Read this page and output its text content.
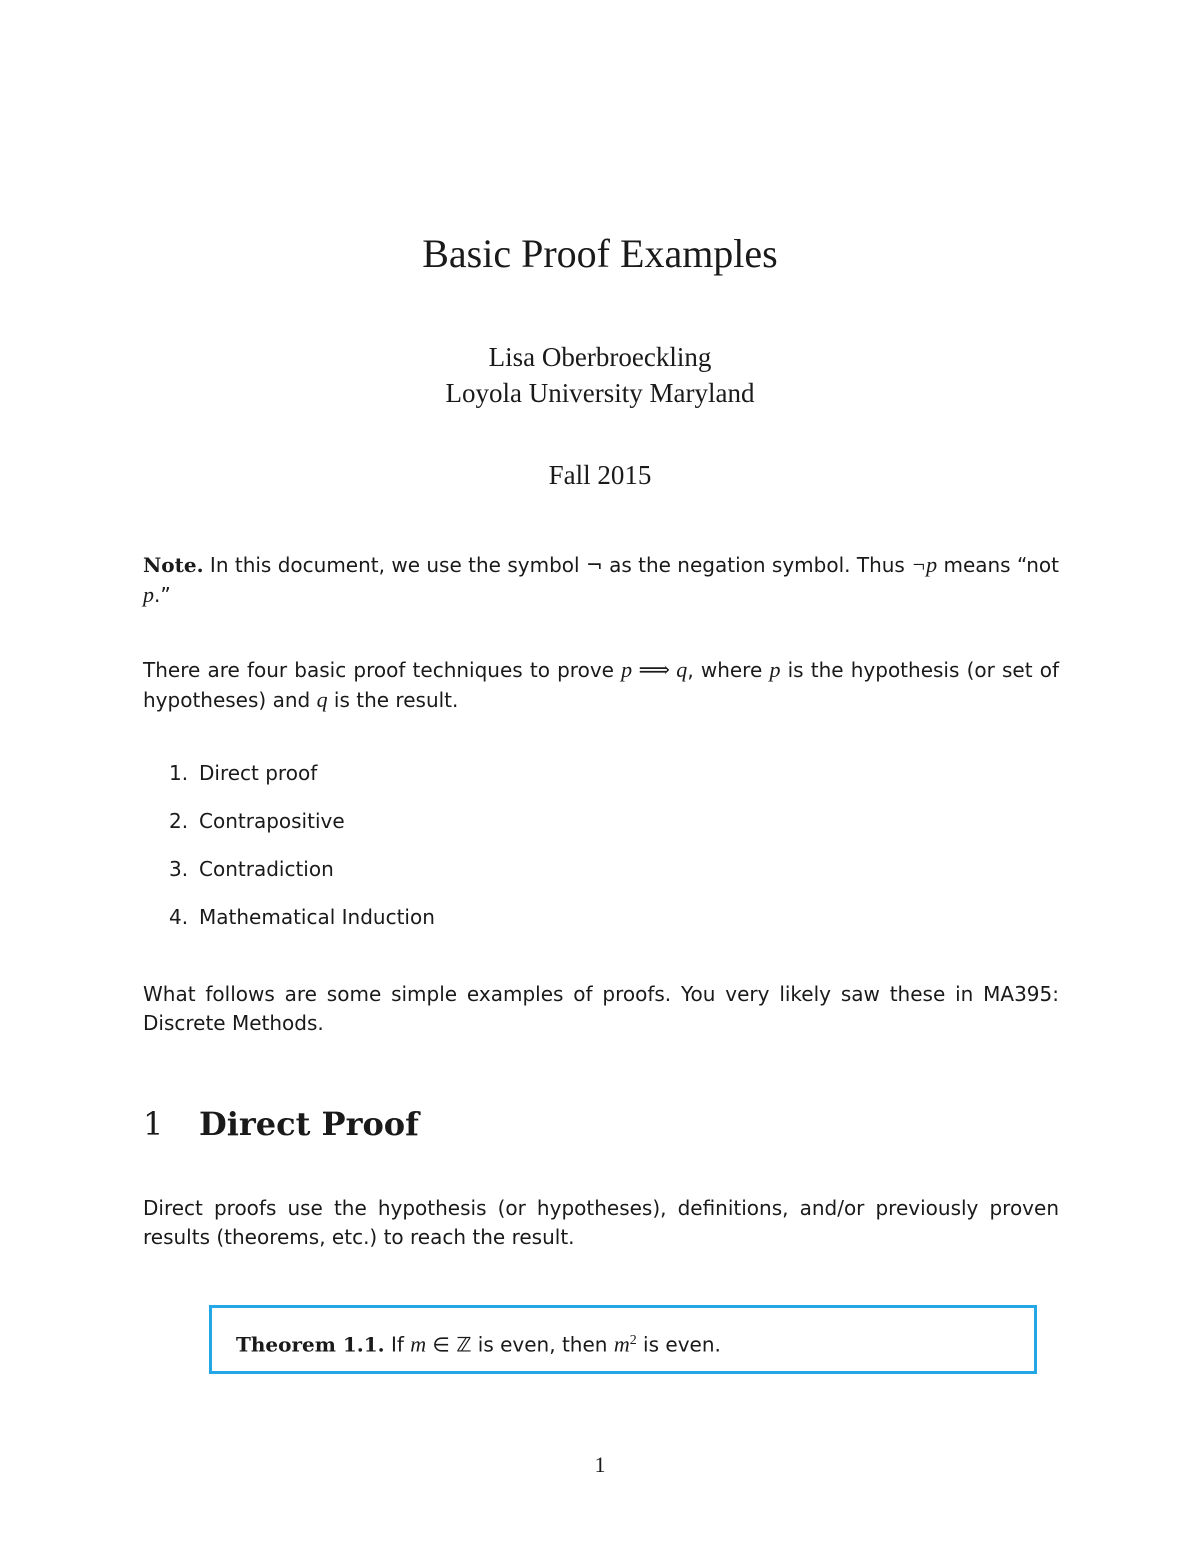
Basic Proof Examples
Lisa Oberbroeckling
Loyola University Maryland
Fall 2015
Note. In this document, we use the symbol ¬ as the negation symbol. Thus ¬p means “not p.”
There are four basic proof techniques to prove p ⟹ q, where p is the hypothesis (or set of hypotheses) and q is the result.
1. Direct proof
2. Contrapositive
3. Contradiction
4. Mathematical Induction
What follows are some simple examples of proofs. You very likely saw these in MA395: Discrete Methods.
1 Direct Proof
Direct proofs use the hypothesis (or hypotheses), definitions, and/or previously proven results (theorems, etc.) to reach the result.
Theorem 1.1. If m ∈ ℤ is even, then $m^2$ is even.
1
